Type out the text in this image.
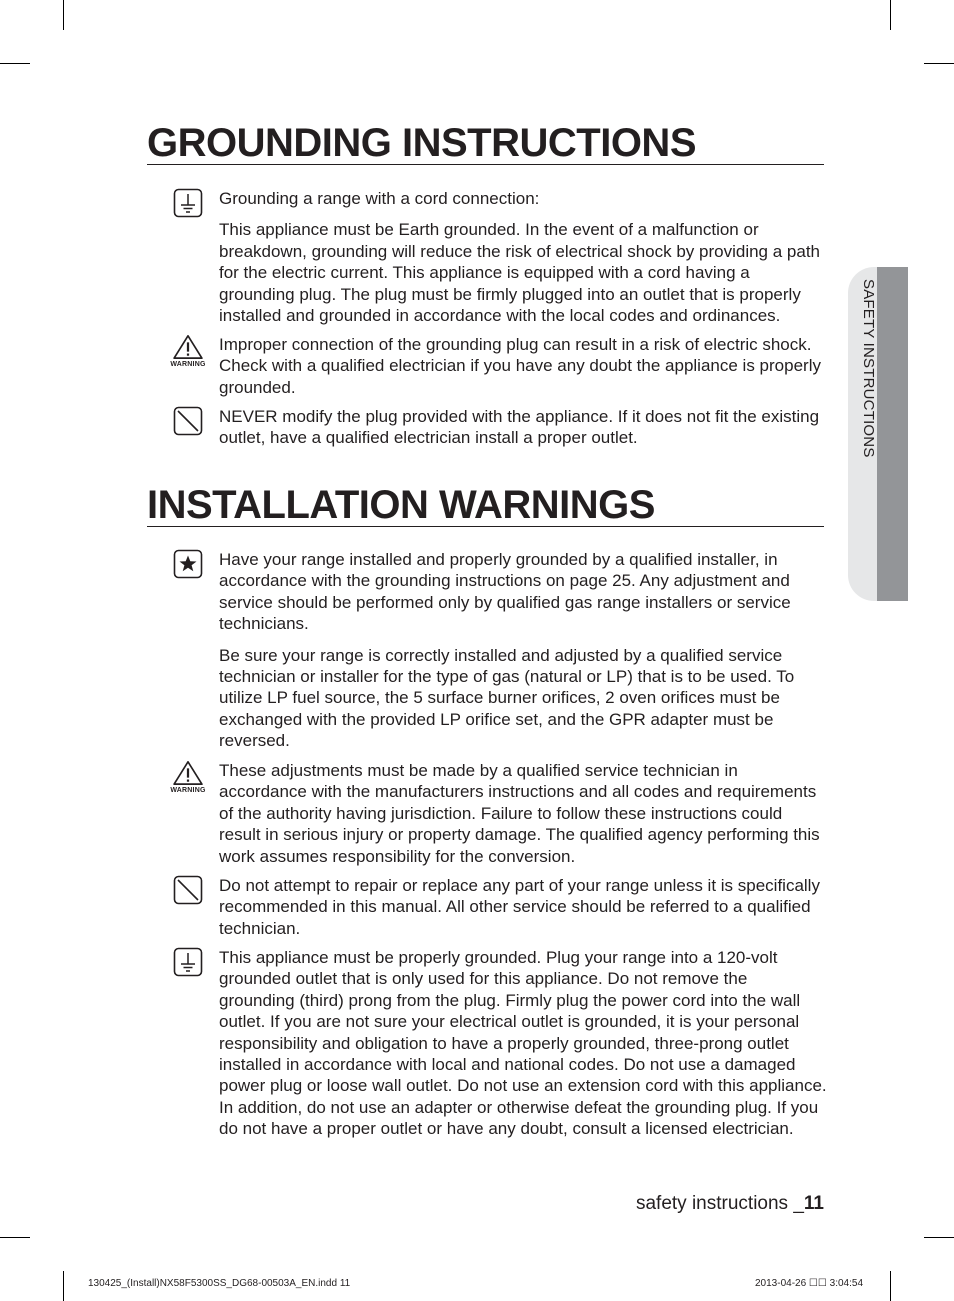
SAFETY INSTRUCTIONS
GROUNDING INSTRUCTIONS

Grounding a range with a cord connection:

This appliance must be Earth grounded. In the event of a malfunction or breakdown, grounding will reduce the risk of electrical shock by providing a path for the electric current. This appliance is equipped with a cord having a grounding plug. The plug must be firmly plugged into an outlet that is properly installed and grounded in accordance with the local codes and ordinances.

WARNING
Improper connection of the grounding plug can result in a risk of electric shock. Check with a qualified electrician if you have any doubt the appliance is properly grounded.
NEVER modify the plug provided with the appliance. If it does not fit the existing outlet, have a qualified electrician install a proper outlet.
INSTALLATION WARNINGS

Have your range installed and properly grounded by a qualified installer, in accordance with the grounding instructions on page 25. Any adjustment and service should be performed only by qualified gas range installers or service technicians.

Be sure your range is correctly installed and adjusted by a qualified service technician or installer for the type of gas (natural or LP) that is to be used. To utilize LP fuel source, the 5 surface burner orifices, 2 oven orifices must be exchanged with the provided LP orifice set, and the GPR adapter must be reversed.

WARNING
These adjustments must be made by a qualified service technician in accordance with the manufacturers instructions and all codes and requirements of the authority having jurisdiction. Failure to follow these instructions could result in serious injury or property damage. The qualified agency performing this work assumes responsibility for the conversion.
Do not attempt to repair or replace any part of your range unless it is specifically recommended in this manual. All other service should be referred to a qualified technician.
This appliance must be properly grounded. Plug your range into a 120-volt grounded outlet that is only used for this appliance. Do not remove the grounding (third) prong from the plug. Firmly plug the power cord into the wall outlet. If you are not sure your electrical outlet is grounded, it is your personal responsibility and obligation to have a properly grounded, three-prong outlet installed in accordance with local and national codes. Do not use a damaged power plug or loose wall outlet. Do not use an extension cord with this appliance. In addition, do not use an adapter or otherwise defeat the grounding plug. If you do not have a proper outlet or have any doubt, consult a licensed electrician.
safety instructions _11
130425_(Install)NX58F5300SS_DG68-00503A_EN.indd 11	2013-04-26 ☐☐ 3:04:54
